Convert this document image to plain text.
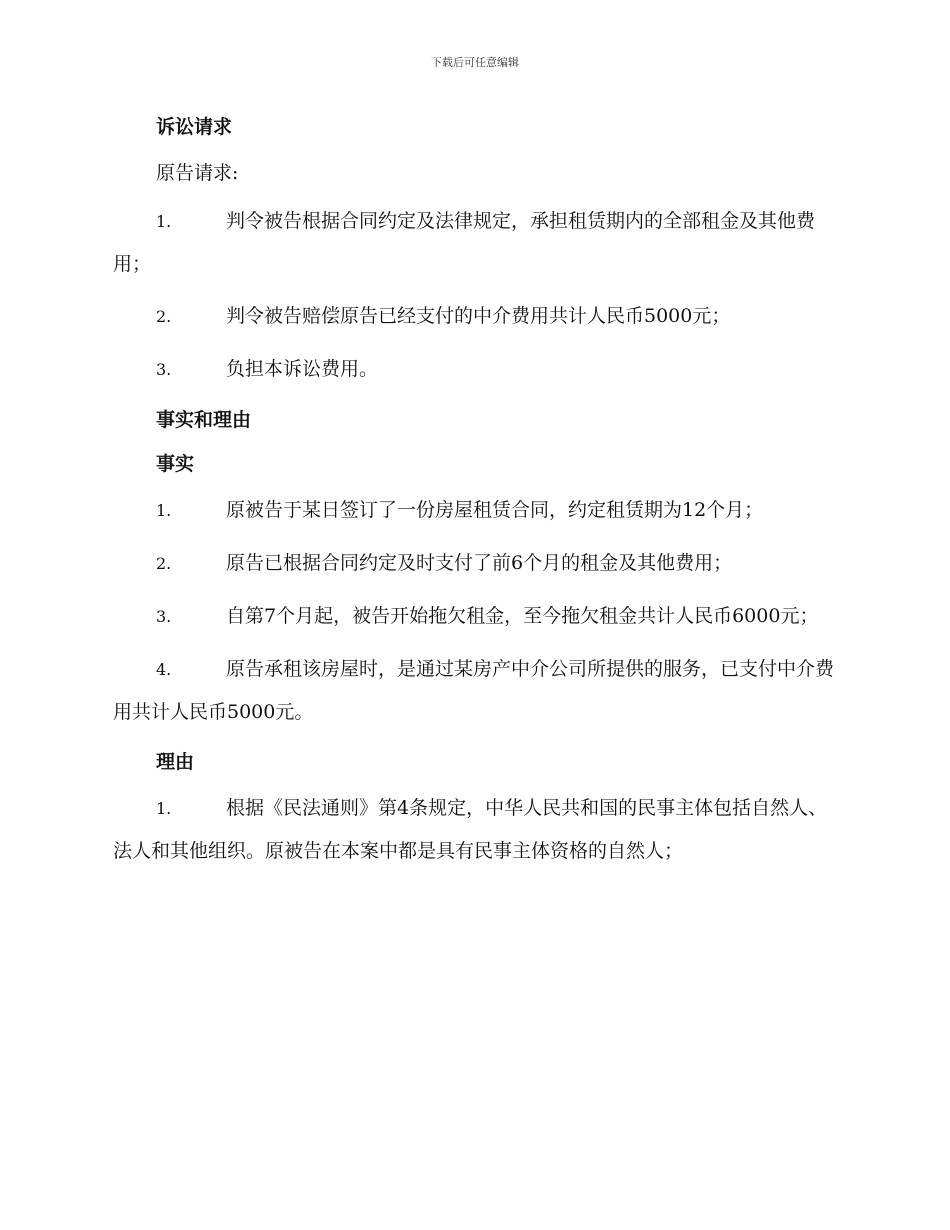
下载后可任意编辑
诉讼请求

原告请求:

1.	判令被告根据合同约定及法律规定，承担租赁期内的全部租金及其他费用；

2.	判令被告赔偿原告已经支付的中介费用共计人民币5000元；

3.	负担本诉讼费用。

事实和理由
事实

1.	原被告于某日签订了一份房屋租赁合同，约定租赁期为12个月；

2.	原告已根据合同约定及时支付了前6个月的租金及其他费用；

3.	自第7个月起，被告开始拖欠租金，至今拖欠租金共计人民币6000元；

4.	原告承租该房屋时，是通过某房产中介公司所提供的服务，已支付中介费用共计人民币5000元。

理由

1.	根据《民法通则》第4条规定，中华人民共和国的民事主体包括自然人、法人和其他组织。原被告在本案中都是具有民事主体资格的自然人；
